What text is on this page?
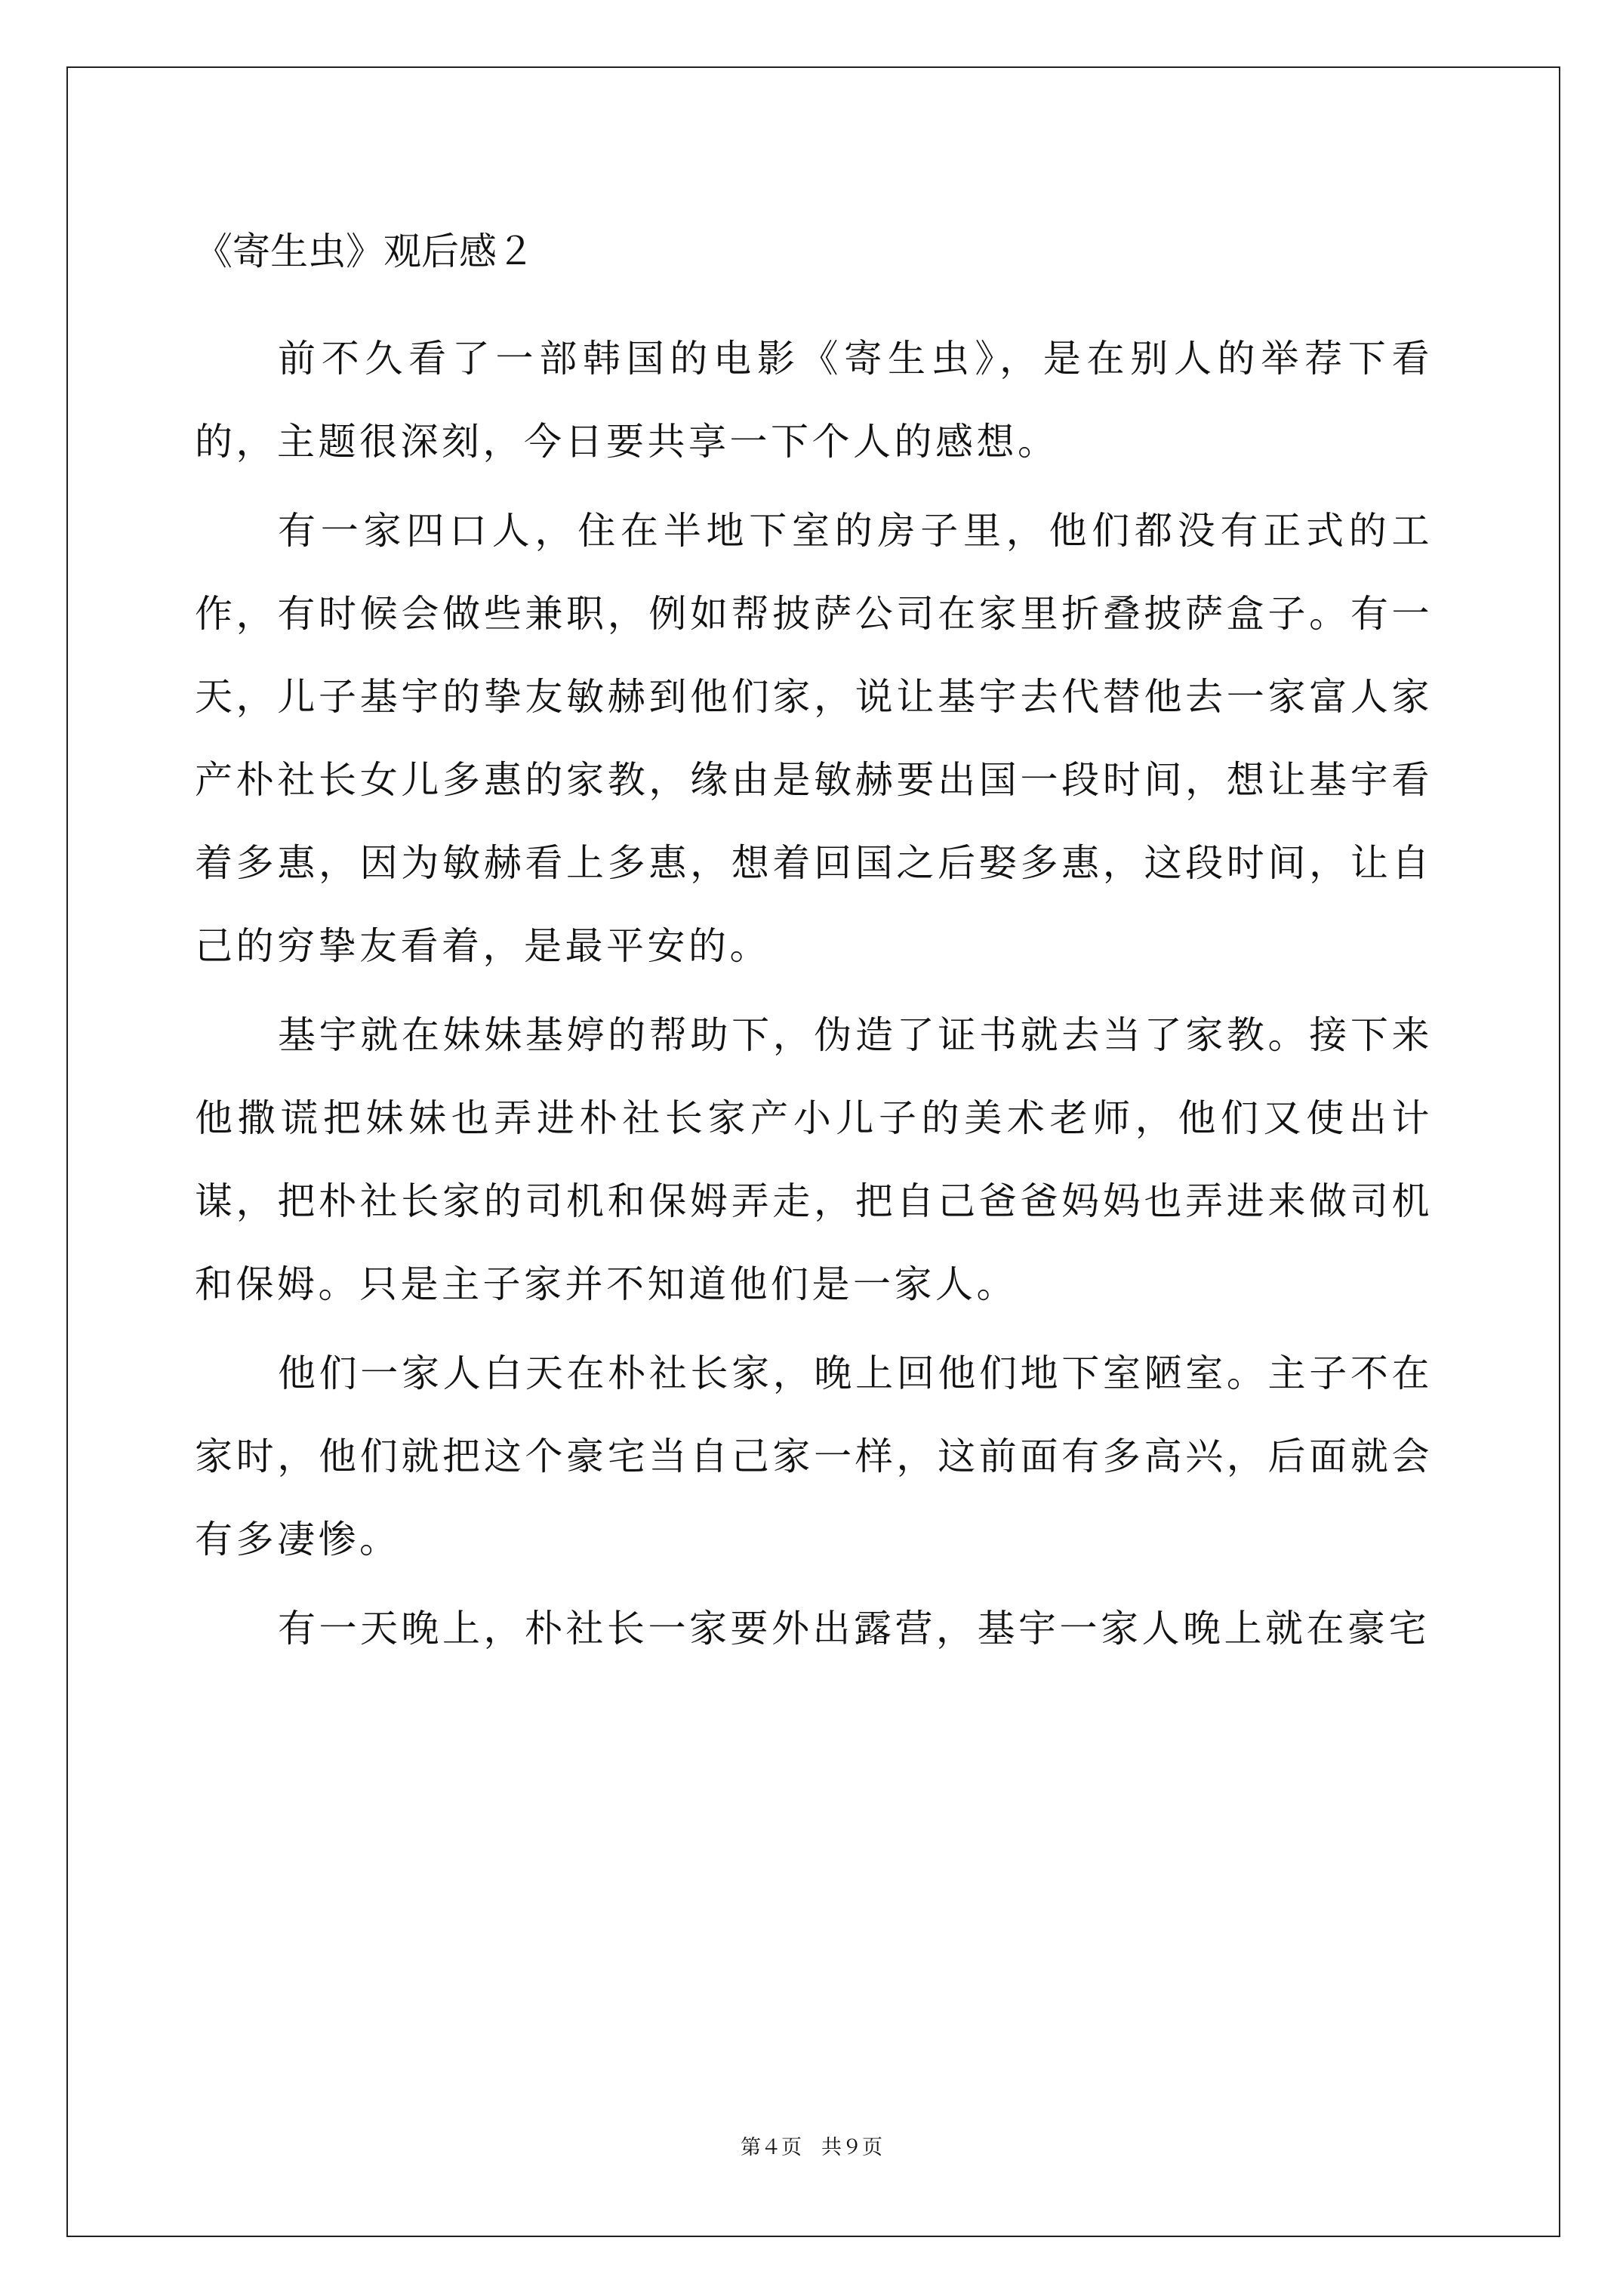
《寄生虫》观后感２

前不久看了一部韩国的电影《寄生虫》，是在别人的举荐下看的，主题很深刻，今日要共享一下个人的感想。

有一家四口人，住在半地下室的房子里，他们都没有正式的工作，有时候会做些兼职，例如帮披萨公司在家里折叠披萨盒子。有一天，儿子基宇的挚友敏赫到他们家，说让基宇去代替他去一家富人家产朴社长女儿多惠的家教，缘由是敏赫要出国一段时间，想让基宇看着多惠，因为敏赫看上多惠，想着回国之后娶多惠，这段时间，让自己的穷挚友看着，是最平安的。

基宇就在妹妹基婷的帮助下，伪造了证书就去当了家教。接下来他撒谎把妹妹也弄进朴社长家产小儿子的美术老师，他们又使出计谋，把朴社长家的司机和保姆弄走，把自己爸爸妈妈也弄进来做司机和保姆。只是主子家并不知道他们是一家人。

他们一家人白天在朴社长家，晚上回他们地下室陋室。主子不在家时，他们就把这个豪宅当自己家一样，这前面有多高兴，后面就会有多凄惨。

有一天晚上，朴社长一家要外出露营，基宇一家人晚上就在豪宅

第４页 共９页
